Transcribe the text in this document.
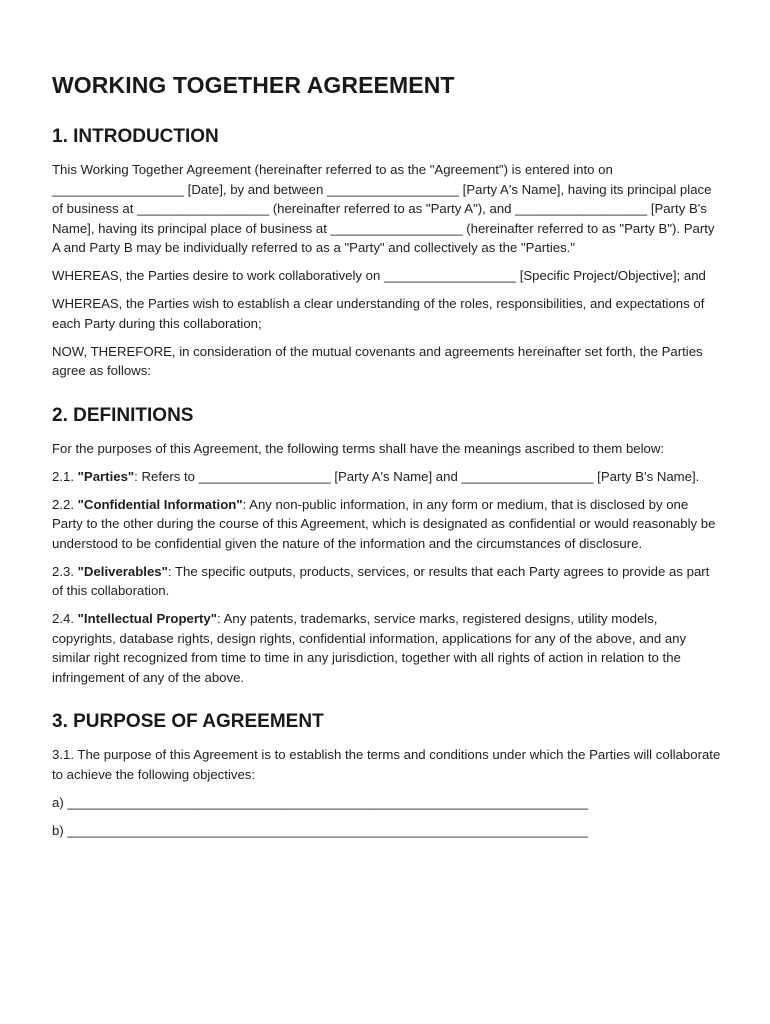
WORKING TOGETHER AGREEMENT
1. INTRODUCTION

This Working Together Agreement (hereinafter referred to as the "Agreement") is entered into on __________________ [Date], by and between __________________ [Party A's Name], having its principal place of business at __________________ (hereinafter referred to as "Party A"), and __________________ [Party B's Name], having its principal place of business at __________________ (hereinafter referred to as "Party B"). Party A and Party B may be individually referred to as a "Party" and collectively as the "Parties."

WHEREAS, the Parties desire to work collaboratively on __________________ [Specific Project/Objective]; and

WHEREAS, the Parties wish to establish a clear understanding of the roles, responsibilities, and expectations of each Party during this collaboration;

NOW, THEREFORE, in consideration of the mutual covenants and agreements hereinafter set forth, the Parties agree as follows:

2. DEFINITIONS

For the purposes of this Agreement, the following terms shall have the meanings ascribed to them below:

2.1. "Parties": Refers to __________________ [Party A's Name] and __________________ [Party B's Name].

2.2. "Confidential Information": Any non-public information, in any form or medium, that is disclosed by one Party to the other during the course of this Agreement, which is designated as confidential or would reasonably be understood to be confidential given the nature of the information and the circumstances of disclosure.

2.3. "Deliverables": The specific outputs, products, services, or results that each Party agrees to provide as part of this collaboration.

2.4. "Intellectual Property": Any patents, trademarks, service marks, registered designs, utility models, copyrights, database rights, design rights, confidential information, applications for any of the above, and any similar right recognized from time to time in any jurisdiction, together with all rights of action in relation to the infringement of any of the above.

3. PURPOSE OF AGREEMENT

3.1. The purpose of this Agreement is to establish the terms and conditions under which the Parties will collaborate to achieve the following objectives:

a) _______________________________________________________________________

b) _______________________________________________________________________
